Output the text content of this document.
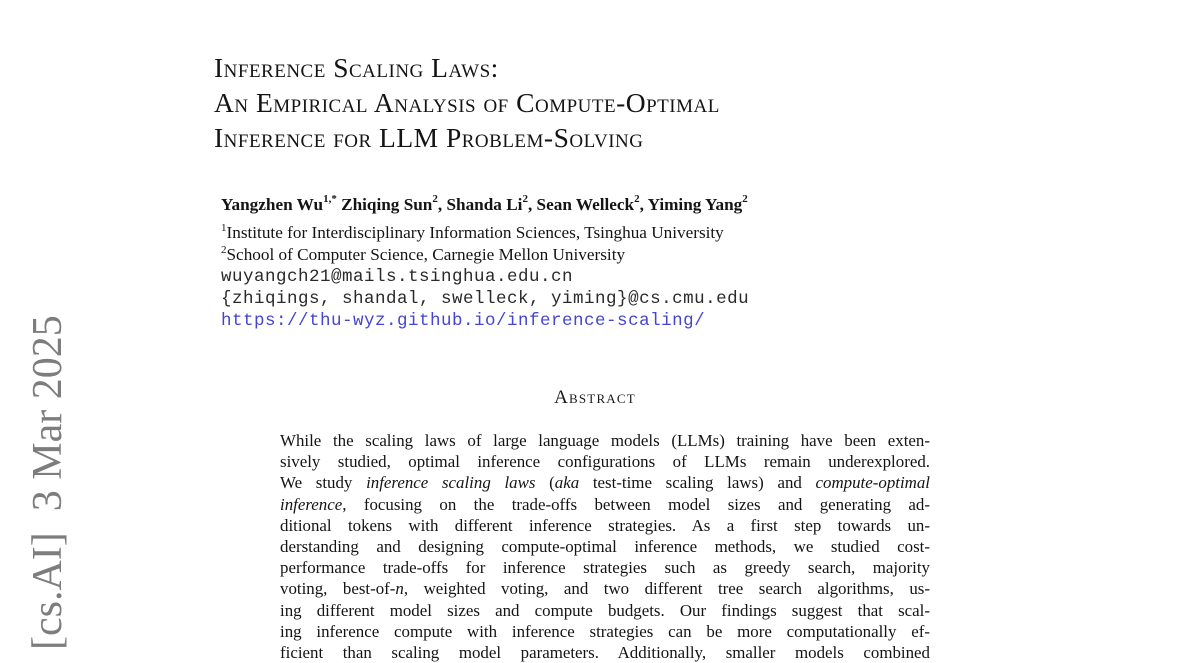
[cs.AI]  3 Mar 2025
Inference Scaling Laws:
An Empirical Analysis of Compute-Optimal
Inference for LLM Problem-Solving
Yangzhen $Wu^{1,*}$ Zhiqing Sun$^2$, Shanda Li$^2$, Sean Welleck$^2$, Yiming Yang$^2$
$^1$Institute for Interdisciplinary Information Sciences, Tsinghua University
$^2$School of Computer Science, Carnegie Mellon University
wuyangch21@mails.tsinghua.edu.cn
{zhiqings, shandal, swelleck, yiming}@cs.cmu.edu
https://thu-wyz.github.io/inference-scaling/
Abstract
While the scaling laws of large language models (LLMs) training have been exten-
sively studied, optimal inference configurations of LLMs remain underexplored.
We study inference scaling laws (aka test-time scaling laws) and compute-optimal
inference, focusing on the trade-offs between model sizes and generating ad-
ditional tokens with different inference strategies. As a first step towards un-
derstanding and designing compute-optimal inference methods, we studied cost-
performance trade-offs for inference strategies such as greedy search, majority
voting, best-of-n, weighted voting, and two different tree search algorithms, us-
ing different model sizes and compute budgets. Our findings suggest that scal-
ing inference compute with inference strategies can be more computationally ef-
ficient than scaling model parameters. Additionally, smaller models combined
